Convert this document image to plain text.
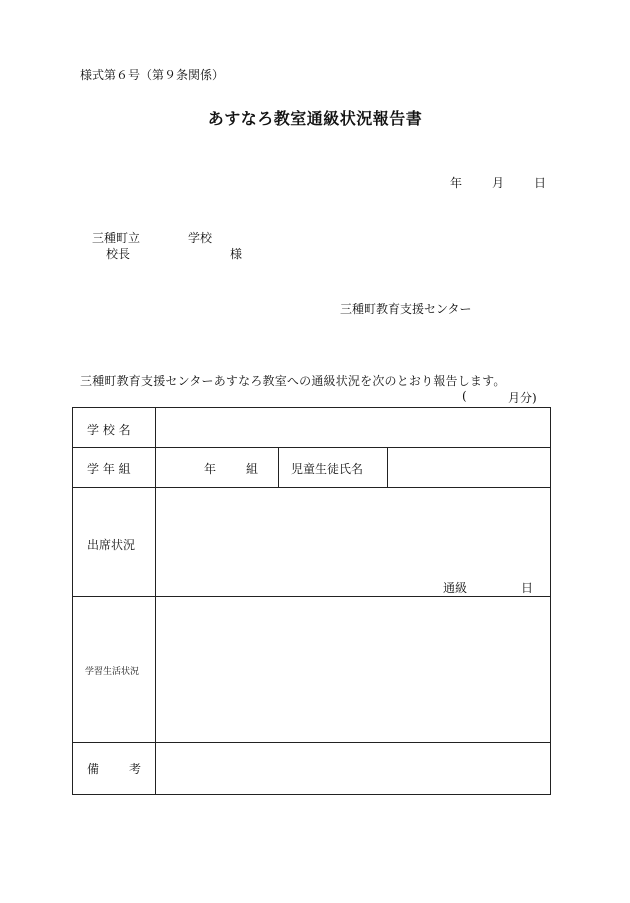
様式第６号（第９条関係）
あすなろ教室通級状況報告書
年 月 日
三種町立	学校
校長	様
三種町教育支援センター
三種町教育支援センターあすなろ教室への通級状況を次のとおり報告します。
(	月分)
学 校 名
学 年 組	年 組	児童生徒氏名
出席状況
通級	日
学習生活状況
備 考
